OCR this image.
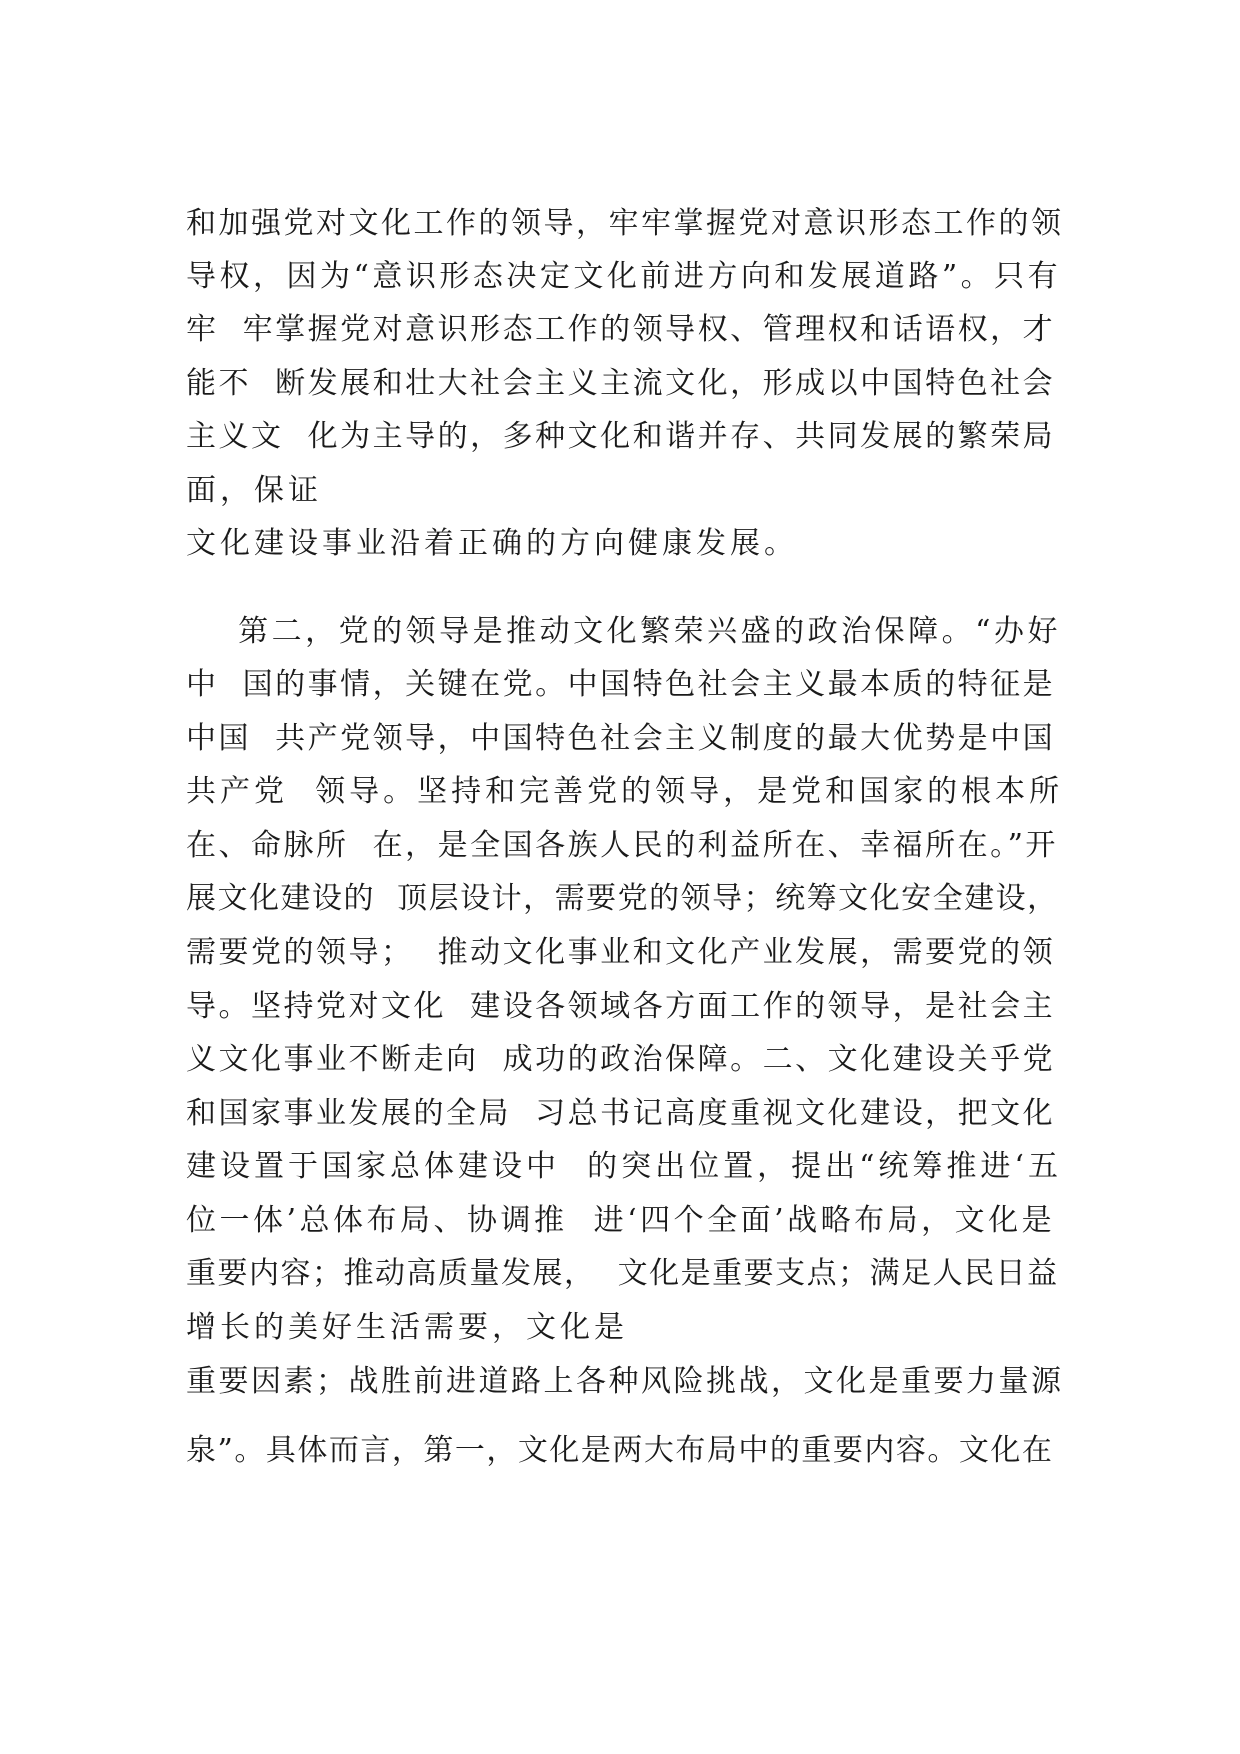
和加强党对文化工作的领导，牢牢掌握党对意识形态工作的领
导权，因为“意识形态决定文化前进方向和发展道路”。只有
牢  牢掌握党对意识形态工作的领导权、管理权和话语权，才
能不  断发展和壮大社会主义主流文化，形成以中国特色社会
主义文  化为主导的，多种文化和谐并存、共同发展的繁荣局
面，保证
文化建设事业沿着正确的方向健康发展。
第二，党的领导是推动文化繁荣兴盛的政治保障。“办好
中  国的事情，关键在党。中国特色社会主义最本质的特征是
中国  共产党领导，中国特色社会主义制度的最大优势是中国
共产党  领导。坚持和完善党的领导，是党和国家的根本所
在、命脉所  在，是全国各族人民的利益所在、幸福所在。”开
展文化建设的  顶层设计，需要党的领导；统筹文化安全建设，
需要党的领导；  推动文化事业和文化产业发展，需要党的领
导。坚持党对文化  建设各领域各方面工作的领导，是社会主
义文化事业不断走向  成功的政治保障。二、文化建设关乎党
和国家事业发展的全局  习总书记高度重视文化建设，把文化
建设置于国家总体建设中  的突出位置，提出“统筹推进‘五
位一体’总体布局、协调推  进‘四个全面’战略布局，文化是
重要内容；推动高质量发展，  文化是重要支点；满足人民日益
增长的美好生活需要，文化是
重要因素；战胜前进道路上各种风险挑战，文化是重要力量源
泉”。具体而言，第一，文化是两大布局中的重要内容。文化在
